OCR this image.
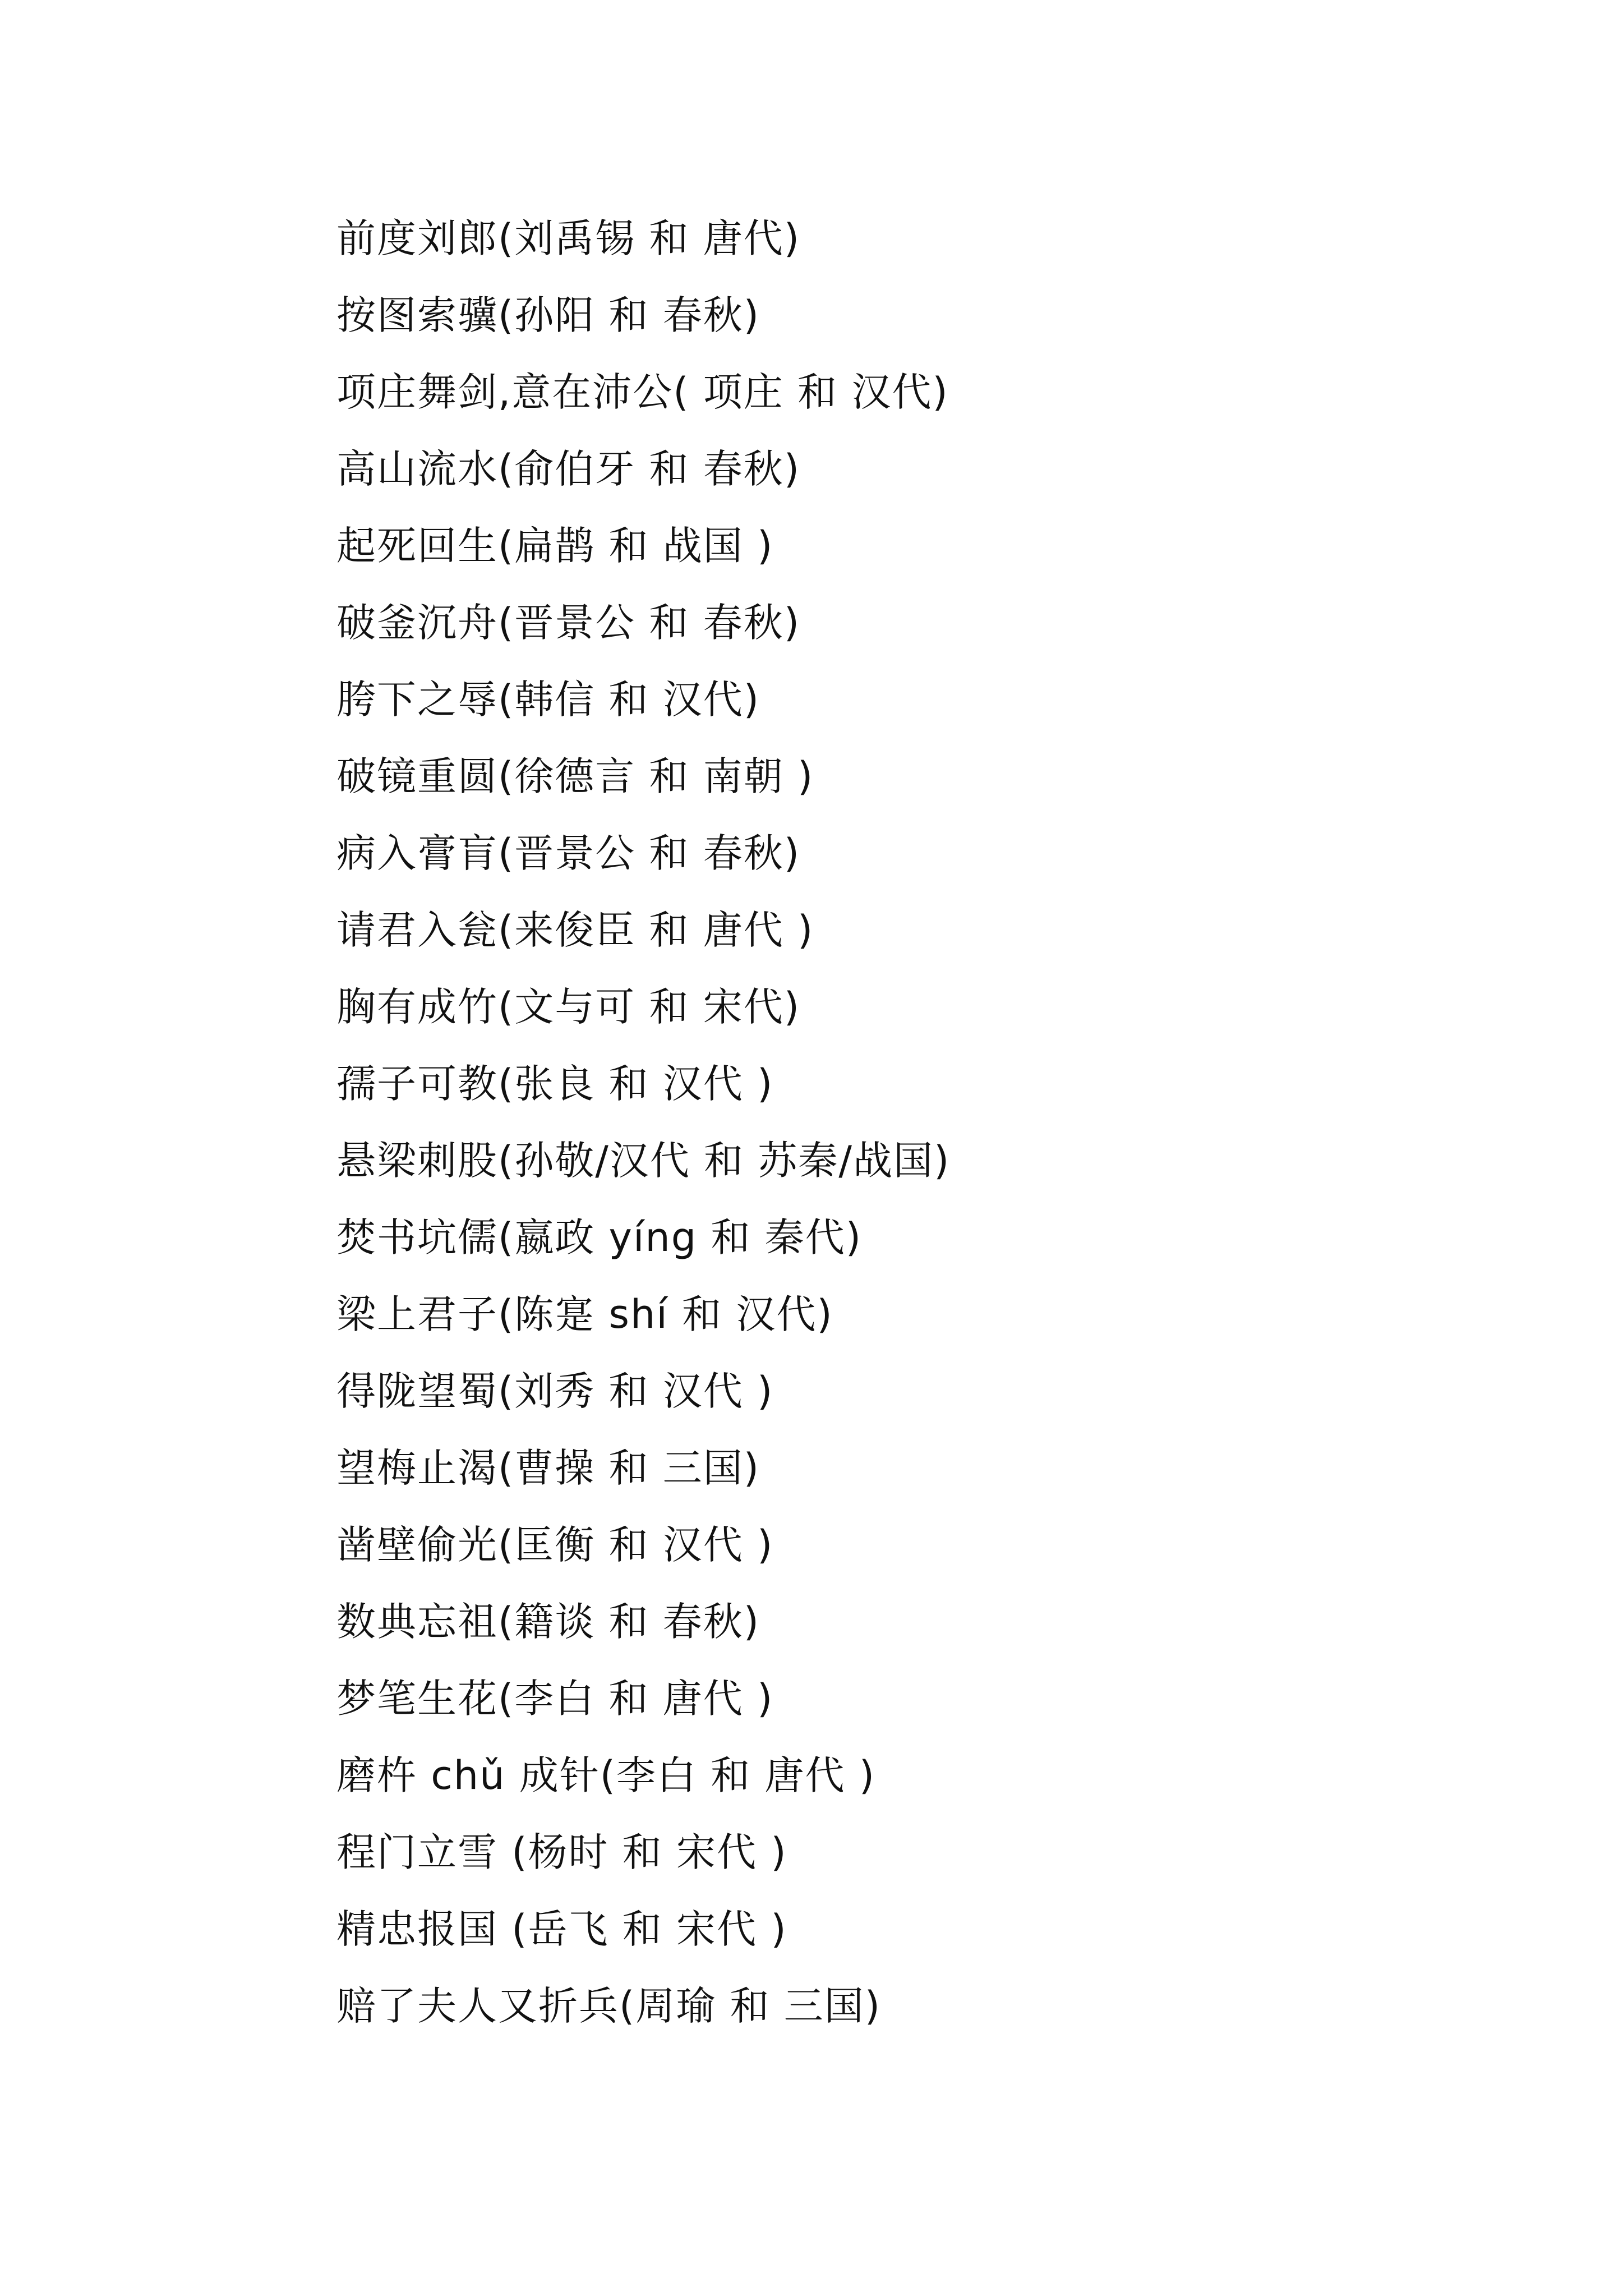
前度刘郎(刘禹锡 和 唐代)
按图索骥(孙阳 和 春秋)
项庄舞剑,意在沛公( 项庄 和 汉代)
高山流水(俞伯牙 和 春秋)
起死回生(扁鹊 和 战国 )
破釜沉舟(晋景公 和 春秋)
胯下之辱(韩信 和 汉代)
破镜重圆(徐德言 和 南朝 )
病入膏肓(晋景公 和 春秋)
请君入瓮(来俊臣 和 唐代 )
胸有成竹(文与可 和 宋代)
孺子可教(张良 和 汉代 )
悬梁刺股(孙敬/汉代 和 苏秦/战国)
焚书坑儒(嬴政 yíng 和 秦代)
梁上君子(陈寔 shí 和 汉代)
得陇望蜀(刘秀 和 汉代 )
望梅止渴(曹操 和 三国)
凿壁偷光(匡衡 和 汉代 )
数典忘祖(籍谈 和 春秋)
梦笔生花(李白 和 唐代 )
磨杵 chǔ 成针(李白 和 唐代 )
程门立雪 (杨时 和 宋代 )
精忠报国 (岳飞 和 宋代 )
赔了夫人又折兵(周瑜 和 三国)
